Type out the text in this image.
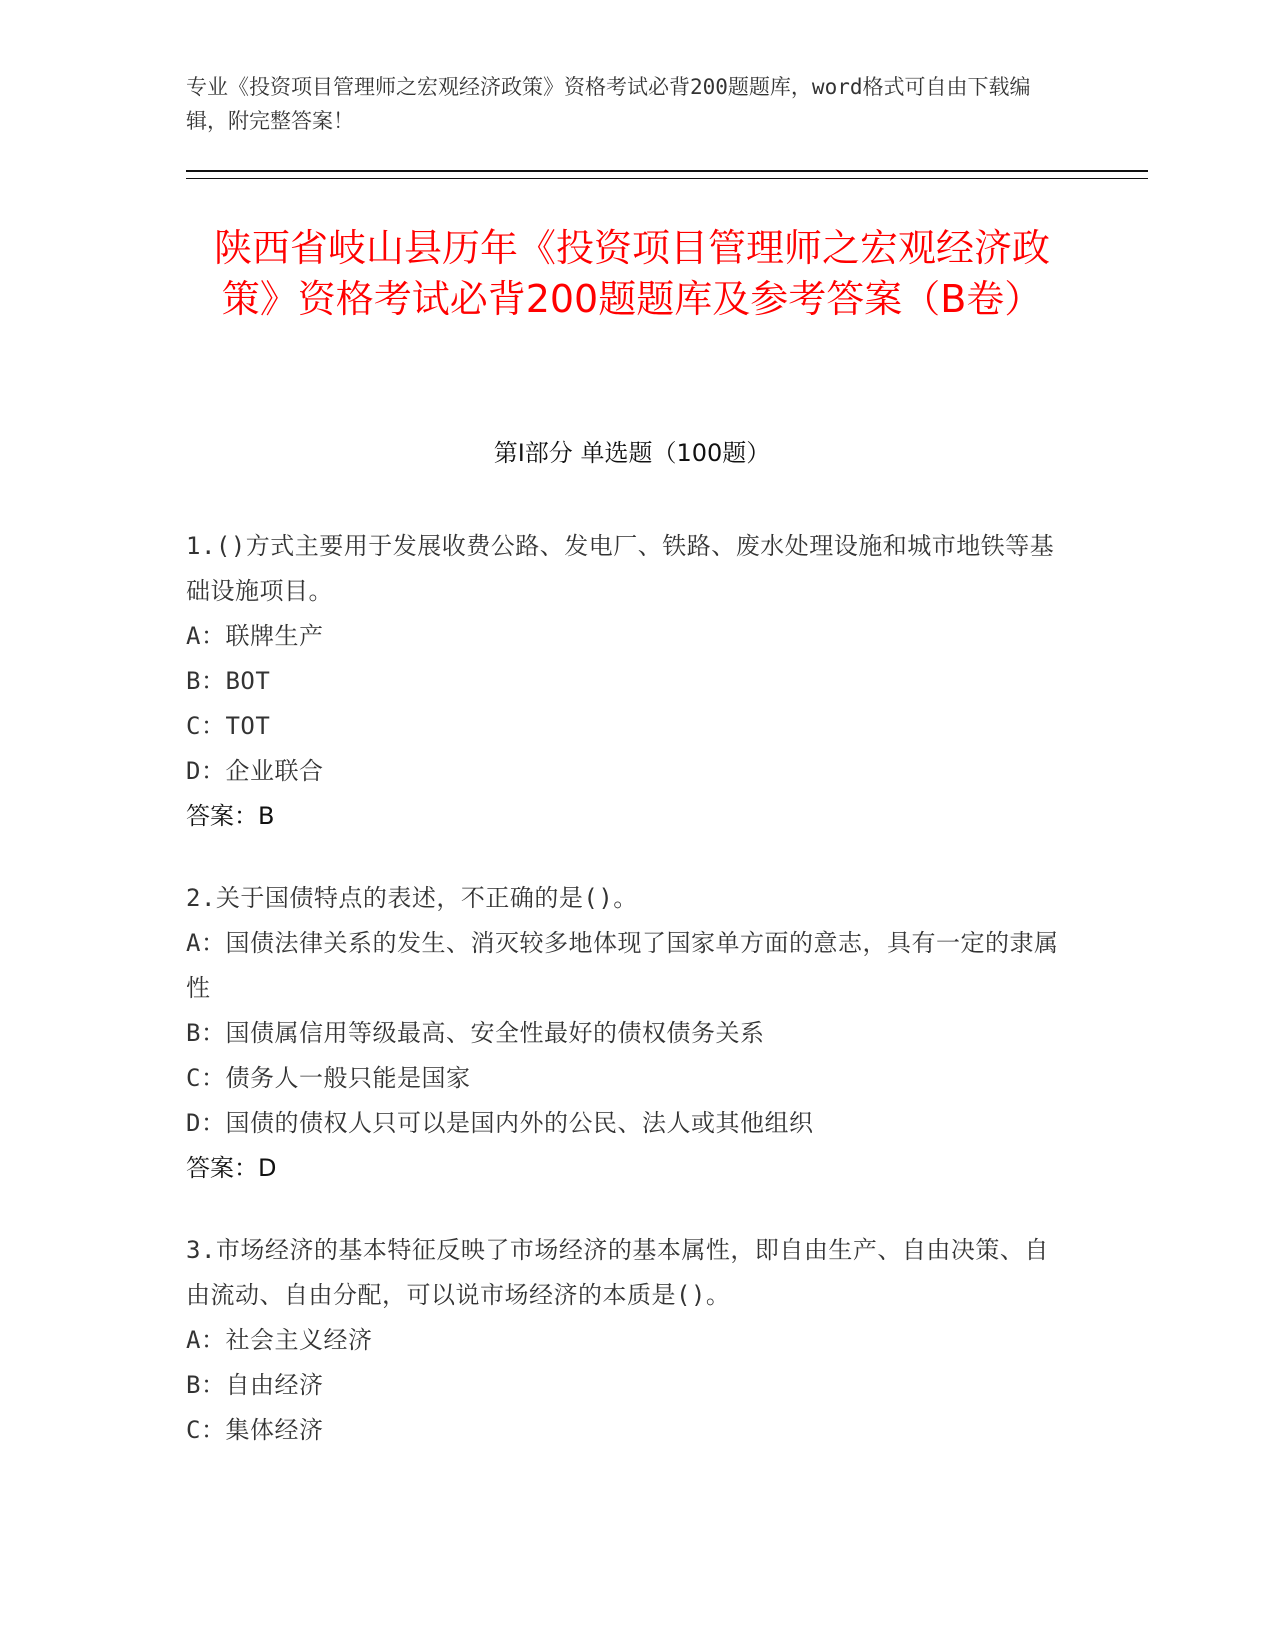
专业《投资项目管理师之宏观经济政策》资格考试必背200题题库，word格式可自由下载编辑，附完整答案！
陕西省岐山县历年《投资项目管理师之宏观经济政策》资格考试必背200题题库及参考答案（B卷）
第Ⅰ部分 单选题（100题）

1.()方式主要用于发展收费公路、发电厂、铁路、废水处理设施和城市地铁等基础设施项目。

A：联牌生产

B：BOT

C：TOT

D：企业联合

答案：B

2.关于国债特点的表述，不正确的是()。

A：国债法律关系的发生、消灭较多地体现了国家单方面的意志，具有一定的隶属性

B：国债属信用等级最高、安全性最好的债权债务关系

C：债务人一般只能是国家

D：国债的债权人只可以是国内外的公民、法人或其他组织

答案：D

3.市场经济的基本特征反映了市场经济的基本属性，即自由生产、自由决策、自由流动、自由分配，可以说市场经济的本质是()。

A：社会主义经济

B：自由经济

C：集体经济
